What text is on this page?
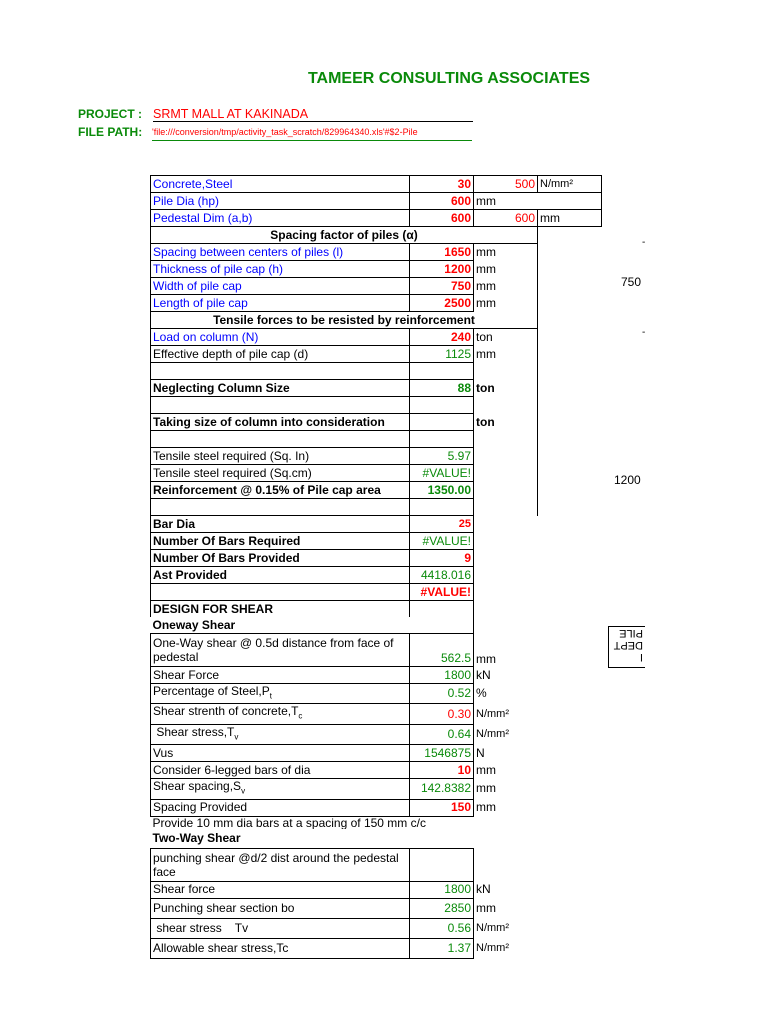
TAMEER CONSULTING ASSOCIATES
PROJECT : SRMT MALL AT KAKINADA
FILE PATH: 'file:///conversion/tmp/activity_task_scratch/829964340.xls'#$2-Pile
Concrete,Steel	30	500	N/mm²
Pile Dia (hp)	600	mm	
Pedestal Dim (a,b)	600	600	mm
Spacing factor of piles (α)			
Spacing between centers of piles (l)	1650	mm	
Thickness of pile cap (h)	1200	mm	
Width of pile cap	750	mm	
Length of pile cap	2500	mm	
Tensile forces to be resisted by reinforcement			
Load on column (N)	240	ton	
Effective depth of pile cap (d)	1125	mm	

Neglecting Column Size	88	ton	

Taking size of column into consideration		ton	

Tensile steel required (Sq. In)	5.97		
Tensile steel required (Sq.cm)	#VALUE!		
Reinforcement @ 0.15% of Pile cap area	1350.00		

Bar Dia	25		
Number Of Bars Required	#VALUE!		
Number Of Bars Provided	9		
Ast Provided	4418.016		
	#VALUE!		
DESIGN FOR SHEAR			
Oneway Shear			
One-Way shear @ 0.5d distance from face of pedestal	562.5	mm	
Shear Force	1800	kN	
Percentage of $Steel,P_t$	0.52	%	
Shear strenth of $concrete,T_c$	0.30	N/mm²	
Shear $stress,T_v$	0.64	N/mm²	
Vus	1546875	N	
Consider 6-legged bars of dia	10	mm	
Shear $spacing,S_v$	142.8382	mm	
Spacing Provided	150	mm	
Provide 10 mm dia bars at a spacing of 150 mm c/c			
Two-Way Shear			
punching shear @d/2 dist around the pedestal face			
Shear force	1800	kN	
Punching shear section bo	2850	mm	
shear stress    Tv	0.56	N/mm²	
Allowable shear stress,Tc	1.37	N/mm²	
-
750
-
1200
PILE
DEPT
I
